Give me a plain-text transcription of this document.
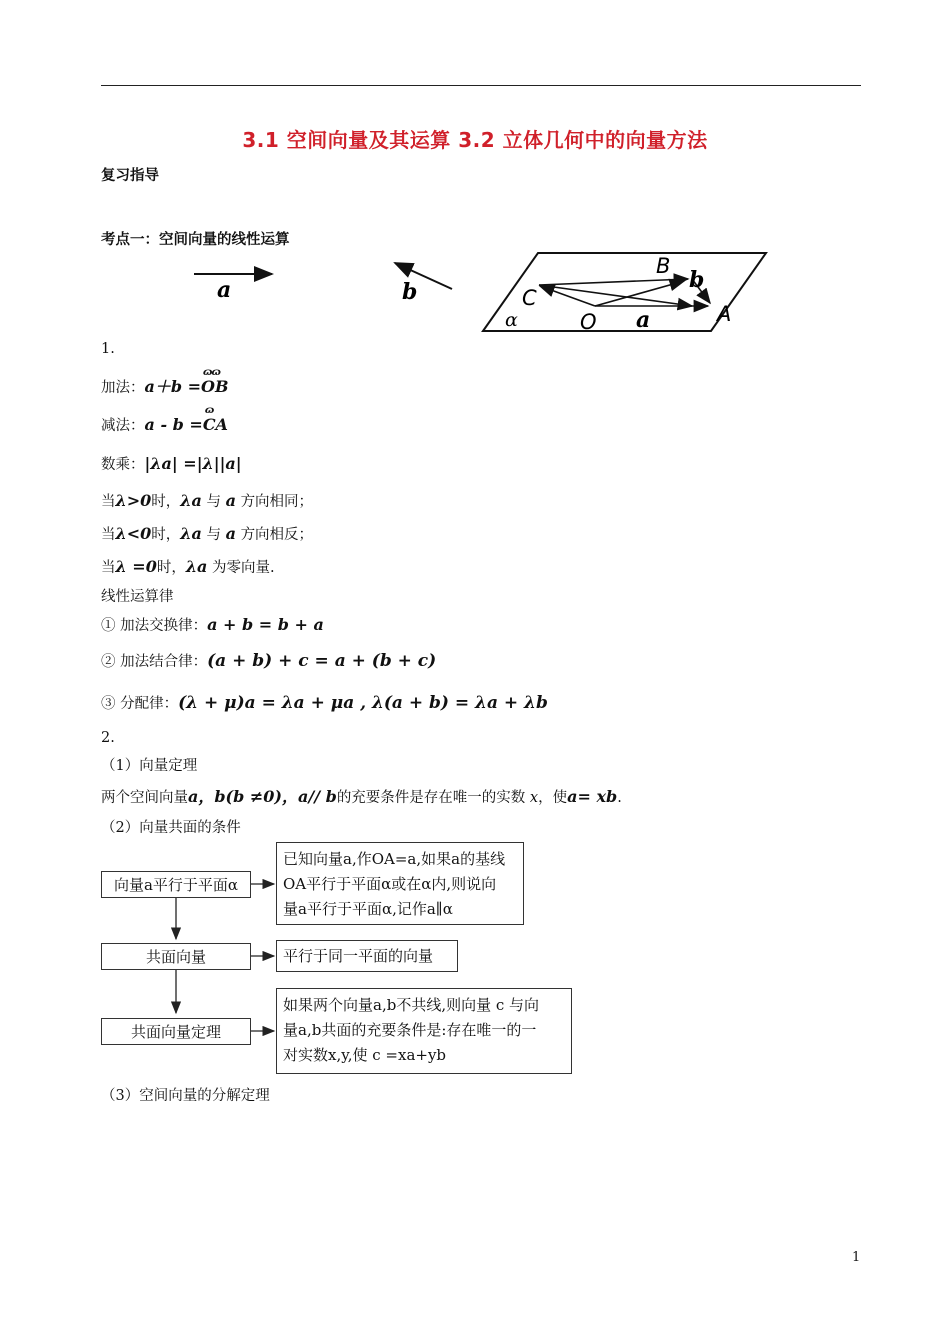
3.1 空间向量及其运算 3.2 立体几何中的向量方法
复习指导
考点一：空间向量的线性运算
a	b
B
b
C
α	O a	A
1.
加法：a＋b =
ɷɷ
OB
减法：a - b =
ɷ
CA
数乘：|λa| =|λ||a|
当λ>0时，λa 与 a 方向相同；
当λ<0时，λa 与 a 方向相反；
当λ =0时，λa 为零向量.
线性运算律
① 加法交换律：a + b = b + a
② 加法结合律：(a + b) + c = a + (b + c)
③ 分配律：(λ + μ)a = λa + μa , λ(a + b) = λa + λb
2.
（1）向量定理
两个空间向量a，b(b ≠0)，a// b的充要条件是存在唯一的实数 x，使a= xb.
（2）向量共面的条件
向量a平行于平面α
共面向量
共面向量定理
已知向量a,作OA=a,如果a的基线
OA平行于平面α或在α内,则说向
量a平行于平面α,记作a∥α
平行于同一平面的向量
如果两个向量a,b不共线,则向量 c 与向
量a,b共面的充要条件是:存在唯一的一
对实数x,y,使 c =xa+yb
（3）空间向量的分解定理
1
